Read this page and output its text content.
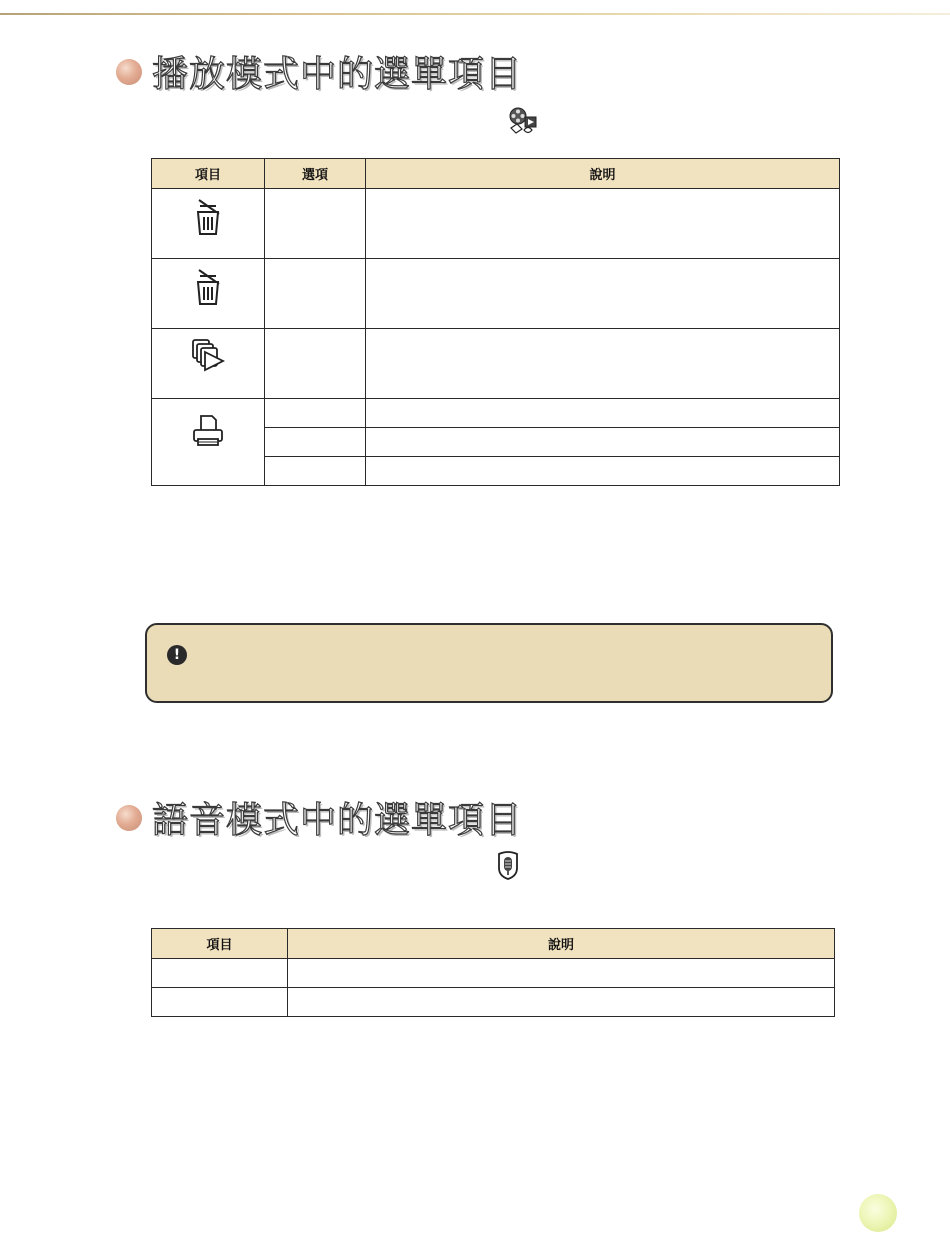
播放模式中的選單項目
項目	選項	說明

!
語音模式中的選單項目
項目	說明
